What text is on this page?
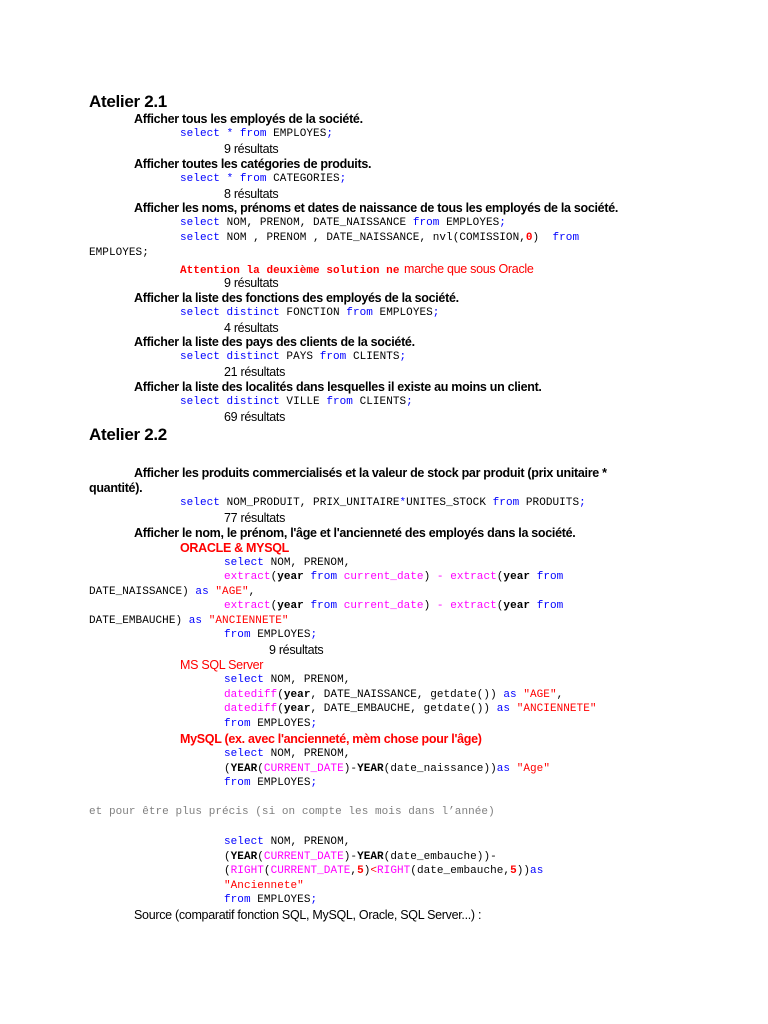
Atelier 2.1
Afficher tous les employés de la société.
select * from EMPLOYES;
9 résultats
Afficher toutes les catégories de produits.
select * from CATEGORIES;
8 résultats
Afficher les noms, prénoms et dates de naissance de tous les employés de la société.
select NOM, PRENOM, DATE_NAISSANCE from EMPLOYES;
select NOM , PRENOM , DATE_NAISSANCE, nvl(COMISSION,0)  from
EMPLOYES;
Attention la deuxième solution ne marche que sous Oracle
9 résultats
Afficher la liste des fonctions des employés de la société.
select distinct FONCTION from EMPLOYES;
4 résultats
Afficher la liste des pays des clients de la société.
select distinct PAYS from CLIENTS;
21 résultats
Afficher la liste des localités dans lesquelles il existe au moins un client.
select distinct VILLE from CLIENTS;
69 résultats
Atelier 2.2
Afficher les produits commercialisés et la valeur de stock par produit (prix unitaire *
quantité).
select NOM_PRODUIT, PRIX_UNITAIRE*UNITES_STOCK from PRODUITS;
77 résultats
Afficher le nom, le prénom, l'âge et l'ancienneté des employés dans la société.
ORACLE & MYSQL
select NOM, PRENOM,
extract(year from current_date) - extract(year from
DATE_NAISSANCE) as "AGE",
extract(year from current_date) - extract(year from
DATE_EMBAUCHE) as "ANCIENNETE"
from EMPLOYES;
9 résultats
MS SQL Server
select NOM, PRENOM,
datediff(year, DATE_NAISSANCE, getdate()) as "AGE",
datediff(year, DATE_EMBAUCHE, getdate()) as "ANCIENNETE"
from EMPLOYES;
MySQL (ex. avec l'ancienneté, mèm chose pour l'âge)
select NOM, PRENOM,
(YEAR(CURRENT_DATE)-YEAR(date_naissance))as "Age"
from EMPLOYES;
et pour être plus précis (si on compte les mois dans l’année)
select NOM, PRENOM,
(YEAR(CURRENT_DATE)-YEAR(date_embauche))-
(RIGHT(CURRENT_DATE,5)<RIGHT(date_embauche,5))as
"Anciennete"
from EMPLOYES;
Source (comparatif fonction SQL, MySQL, Oracle, SQL Server...) :
